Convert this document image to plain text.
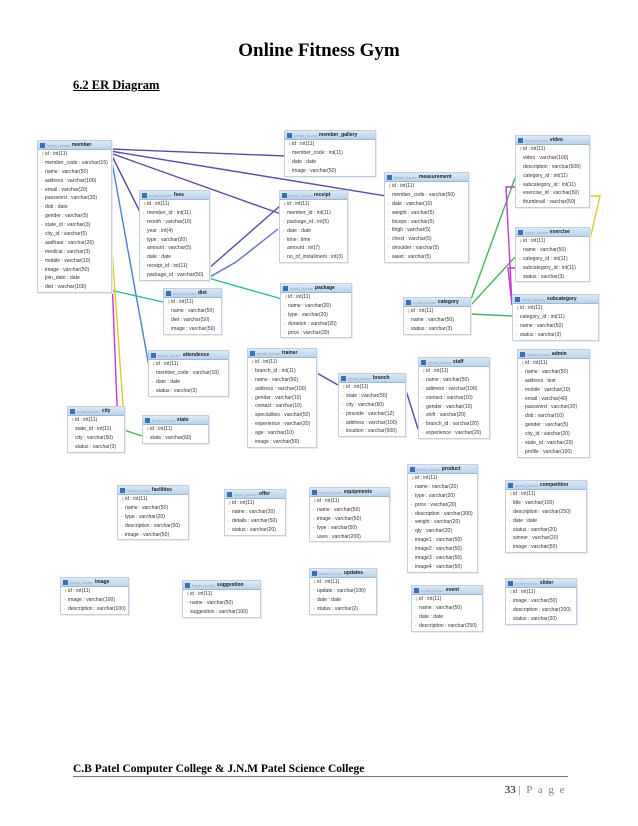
Online Fitness Gym
6.2 ER Diagram
beast_house member
⚷ id : int(11)
◦ member_code : varchar(15)
◦ name : varchar(50)
◦ address : varchar(100)
◦ email : varchar(20)
◦ password : varchar(20)
◦ dob : date
◦ gender : varchar(5)
◦ state_id : varchar(3)
◦ city_id : varchar(5)
◦ aadhaar : varchar(20)
◦ medical : varchar(3)
◦ mobile : varchar(10)
◦ image : varchar(50)
◦ join_date : date
◦ diet : varchar(100)
beast_house member_gallery
⚷ id : int(11)
◦ member_code : int(11)
◦ date : date
◦ image : varchar(50)
beast_house video
⚷ id : int(11)
◦ video : varchar(100)
◦ description : varchar(500)
◦ category_id : int(11)
◦ subcategory_id : int(11)
◦ exercise_id : varchar(50)
◦ thumbnail : varchar(50)
beast_house fees
⚷ id : int(11)
◦ member_id : int(11)
◦ month : varchar(10)
◦ year : int(4)
◦ type : varchar(20)
◦ amount : varchar(5)
◦ date : date
◦ receipt_id : int(11)
◦ package_id : varchar(50)
beast_house receipt
⚷ id : int(11)
◦ member_id : int(11)
◦ package_id : int(5)
◦ date : date
◦ time : time
◦ amount : int(7)
◦ no_of_installment : int(3)
beast_house measurement
⚷ id : int(11)
◦ member_code : varchar(50)
◦ date : varchar(10)
◦ weight : varchar(5)
◦ biceps : varchar(5)
◦ thigh : varchar(5)
◦ chest : varchar(5)
◦ shoulder : varchar(5)
◦ waist : varchar(5)
beast_house exercise
⚷ id : int(11)
◦ name : varchar(50)
◦ category_id : int(11)
◦ subcategory_id : int(11)
◦ status : varchar(3)
beast_house diet
⚷ id : int(11)
◦ name : varchar(50)
◦ diet : varchar(50)
◦ image : varchar(50)
beast_house package
⚷ id : int(11)
◦ name : varchar(20)
◦ type : varchar(20)
◦ duration : varchar(20)
◦ price : varchar(20)
beast_house category
⚷ id : int(11)
◦ name : varchar(50)
◦ status : varchar(3)
beast_house subcategory
⚷ id : int(11)
◦ category_id : int(11)
◦ name : varchar(50)
◦ status : varchar(3)
beast_house attendence
⚷ id : int(11)
◦ member_code : varchar(10)
◦ date : date
◦ status : varchar(3)
beast_house trainer
⚷ id : int(11)
◦ branch_id : int(11)
◦ name : varchar(50)
◦ address : varchar(100)
◦ gender : varchar(10)
◦ contact : varchar(10)
◦ specialities : varchar(50)
◦ experience : varchar(20)
◦ age : varchar(10)
◦ image : varchar(50)
beast_house branch
⚷ id : int(11)
◦ state : varchar(50)
◦ city : varchar(50)
◦ pincode : varchar(12)
◦ address : varchar(100)
◦ location : varchar(500)
beast_house staff
⚷ id : int(11)
◦ name : varchar(50)
◦ address : varchar(100)
◦ contact : varchar(10)
◦ gender : varchar(10)
◦ shift : varchar(20)
◦ branch_id : varchar(20)
◦ experience : varchar(20)
beast_house admin
⚷ id : int(11)
◦ name : varchar(50)
◦ address : text
◦ mobile : varchar(10)
◦ email : varchar(40)
◦ password : varchar(20)
◦ dob : varchar(10)
◦ gender : varchar(5)
◦ city_id : varchar(20)
◦ state_id : varchar(20)
◦ profile : varchar(100)
beast_house city
⚷ id : int(11)
◦ state_id : int(11)
◦ city : varchar(50)
◦ status : varchar(3)
beast_house state
⚷ id : int(11)
◦ state : varchar(60)
beast_house product
⚷ id : int(11)
◦ name : varchar(20)
◦ type : varchar(20)
◦ price : varchar(20)
◦ description : varchar(300)
◦ weight : varchar(20)
◦ qty : varchar(20)
◦ image1 : varchar(50)
◦ image2 : varchar(50)
◦ image3 : varchar(50)
◦ image4 : varchar(50)
beast_house facilities
⚷ id : int(11)
◦ name : varchar(50)
◦ type : varchar(20)
◦ description : varchar(50)
◦ image : varchar(50)
beast_house offer
⚷ id : int(11)
◦ name : varchar(20)
◦ details : varchar(50)
◦ status : varchar(20)
beast_house equipments
⚷ id : int(11)
◦ name : varchar(50)
◦ image : varchar(50)
◦ type : varchar(50)
◦ uses : varchar(200)
beast_house competition
⚷ id : int(11)
◦ title : varchar(100)
◦ description : varchar(250)
◦ date : date
◦ status : varchar(20)
◦ winner : varchar(20)
◦ image : varchar(50)
beast_house image
⚷ id : int(11)
◦ image : varchar(100)
◦ description : varchar(100)
beast_house suggestion
⚷ id : int(11)
◦ name : varchar(50)
◦ suggestion : varchar(100)
beast_house updates
⚷ id : int(11)
◦ update : varchar(100)
◦ date : date
◦ status : varchar(2)
beast_house event
⚷ id : int(11)
◦ name : varchar(50)
◦ date : date
◦ description : varchar(250)
beast_house slider
⚷ id : int(11)
◦ image : varchar(50)
◦ description : varchar(100)
◦ status : varchar(20)
C.B Patel Computer College & J.N.M Patel Science College
33 | P a g e
